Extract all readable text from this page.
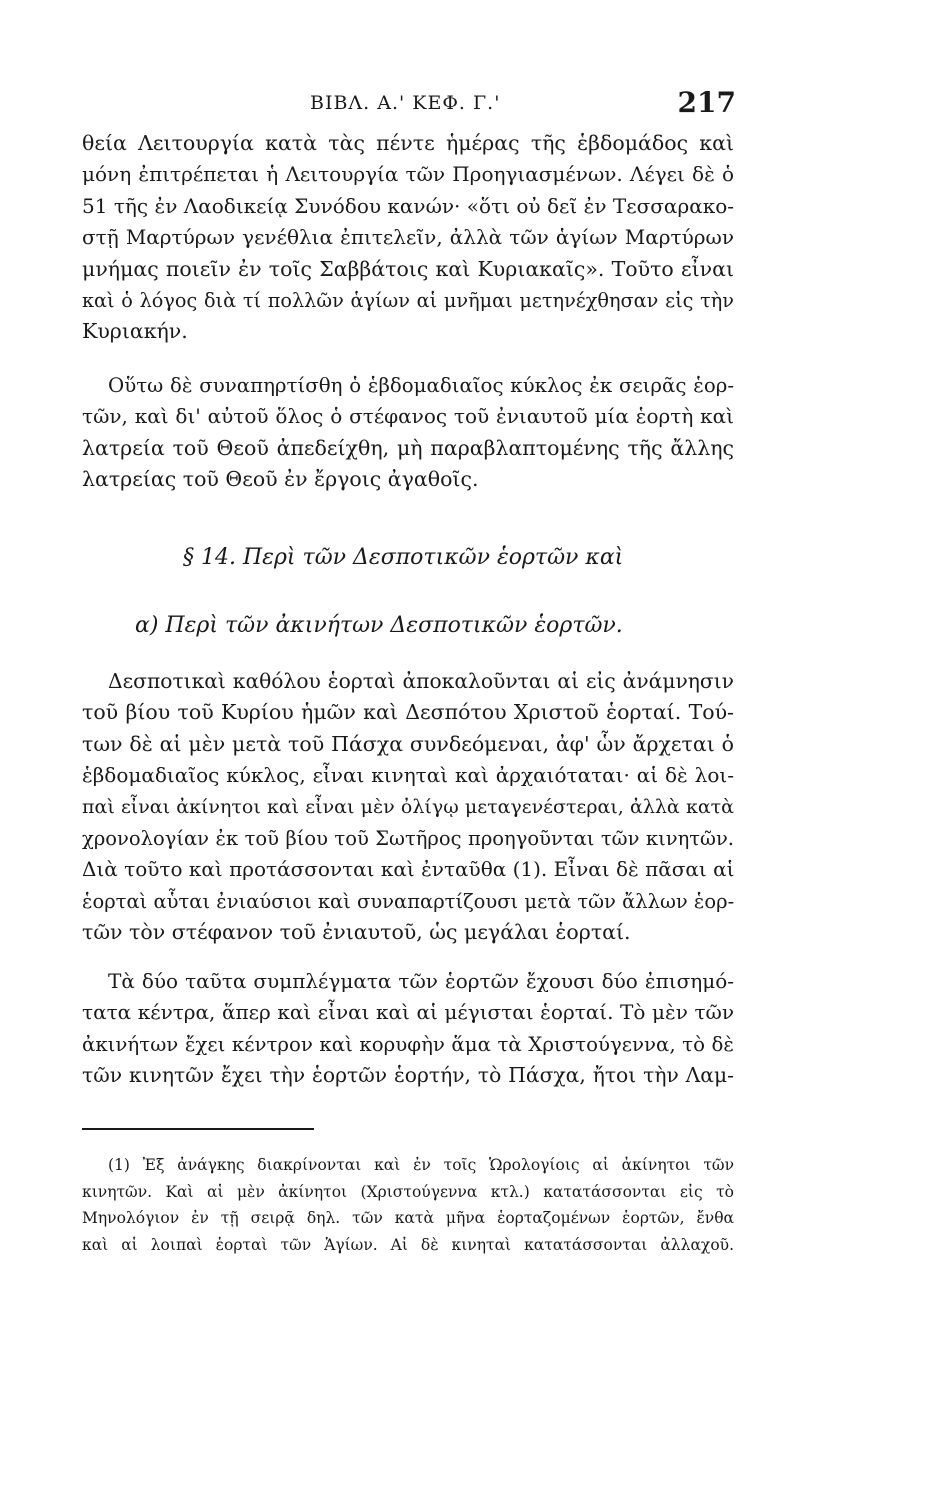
ΒΙΒΛ. Α.' ΚΕΦ. Γ.'	217
θεία Λειτουργία κατὰ τὰς πέντε ἡμέρας τῆς ἑβδομάδος καὶ
μόνη ἐπιτρέπεται ἡ Λειτουργία τῶν Προηγιασμένων. Λέγει δὲ ὁ
51 τῆς ἐν Λαοδικείᾳ Συνόδου κανών· «ὅτι οὐ δεῖ ἐν Τεσσαρακο-
στῇ Μαρτύρων γενέθλια ἐπιτελεῖν, ἀλλὰ τῶν ἁγίων Μαρτύρων
μνήμας ποιεῖν ἐν τοῖς Σαββάτοις καὶ Κυριακαῖς». Τοῦτο εἶναι
καὶ ὁ λόγος διὰ τί πολλῶν ἁγίων αἱ μνῆμαι μετηνέχθησαν εἰς τὴν
Κυριακήν.
Οὕτω δὲ συναπηρτίσθη ὁ ἑβδομαδιαῖος κύκλος ἐκ σειρᾶς ἑορ-
τῶν, καὶ δι' αὐτοῦ ὅλος ὁ στέφανος τοῦ ἐνιαυτοῦ μία ἑορτὴ καὶ
λατρεία τοῦ Θεοῦ ἀπεδείχθη, μὴ παραβλαπτομένης τῆς ἄλλης
λατρείας τοῦ Θεοῦ ἐν ἔργοις ἀγαθοῖς.
§ 14. Περὶ τῶν Δεσποτικῶν ἑορτῶν καὶ
α) Περὶ τῶν ἀκινήτων Δεσποτικῶν ἑορτῶν.
Δεσποτικαὶ καθόλου ἑορταὶ ἀποκαλοῦνται αἱ εἰς ἀνάμνησιν
τοῦ βίου τοῦ Κυρίου ἡμῶν καὶ Δεσπότου Χριστοῦ ἑορταί. Τού-
των δὲ αἱ μὲν μετὰ τοῦ Πάσχα συνδεόμεναι, ἀφ' ὧν ἄρχεται ὁ
ἑβδομαδιαῖος κύκλος, εἶναι κινηταὶ καὶ ἀρχαιόταται· αἱ δὲ λοι-
παὶ εἶναι ἀκίνητοι καὶ εἶναι μὲν ὀλίγῳ μεταγενέστεραι, ἀλλὰ κατὰ
χρονολογίαν ἐκ τοῦ βίου τοῦ Σωτῆρος προηγοῦνται τῶν κινητῶν.
Διὰ τοῦτο καὶ προτάσσονται καὶ ἐνταῦθα (1). Εἶναι δὲ πᾶσαι αἱ
ἑορταὶ αὗται ἐνιαύσιοι καὶ συναπαρτίζουσι μετὰ τῶν ἄλλων ἑορ-
τῶν τὸν στέφανον τοῦ ἐνιαυτοῦ, ὡς μεγάλαι ἑορταί.
Τὰ δύο ταῦτα συμπλέγματα τῶν ἑορτῶν ἔχουσι δύο ἐπισημό-
τατα κέντρα, ἅπερ καὶ εἶναι καὶ αἱ μέγισται ἑορταί. Τὸ μὲν τῶν
ἀκινήτων ἔχει κέντρον καὶ κορυφὴν ἅμα τὰ Χριστούγεννα, τὸ δὲ
τῶν κινητῶν ἔχει τὴν ἑορτῶν ἑορτήν, τὸ Πάσχα, ἤτοι τὴν Λαμ-
(1) Ἐξ ἀνάγκης διακρίνονται καὶ ἐν τοῖς Ὡρολογίοις αἱ ἀκίνητοι τῶν
κινητῶν. Καὶ αἱ μὲν ἀκίνητοι (Χριστούγεννα κτλ.) κατατάσσονται εἰς τὸ
Μηνολόγιον ἐν τῇ σειρᾷ δηλ. τῶν κατὰ μῆνα ἑορταζομένων ἑορτῶν, ἔνθα
καὶ αἱ λοιπαὶ ἑορταὶ τῶν Ἁγίων. Αἱ δὲ κινηταὶ κατατάσσονται ἀλλαχοῦ.
